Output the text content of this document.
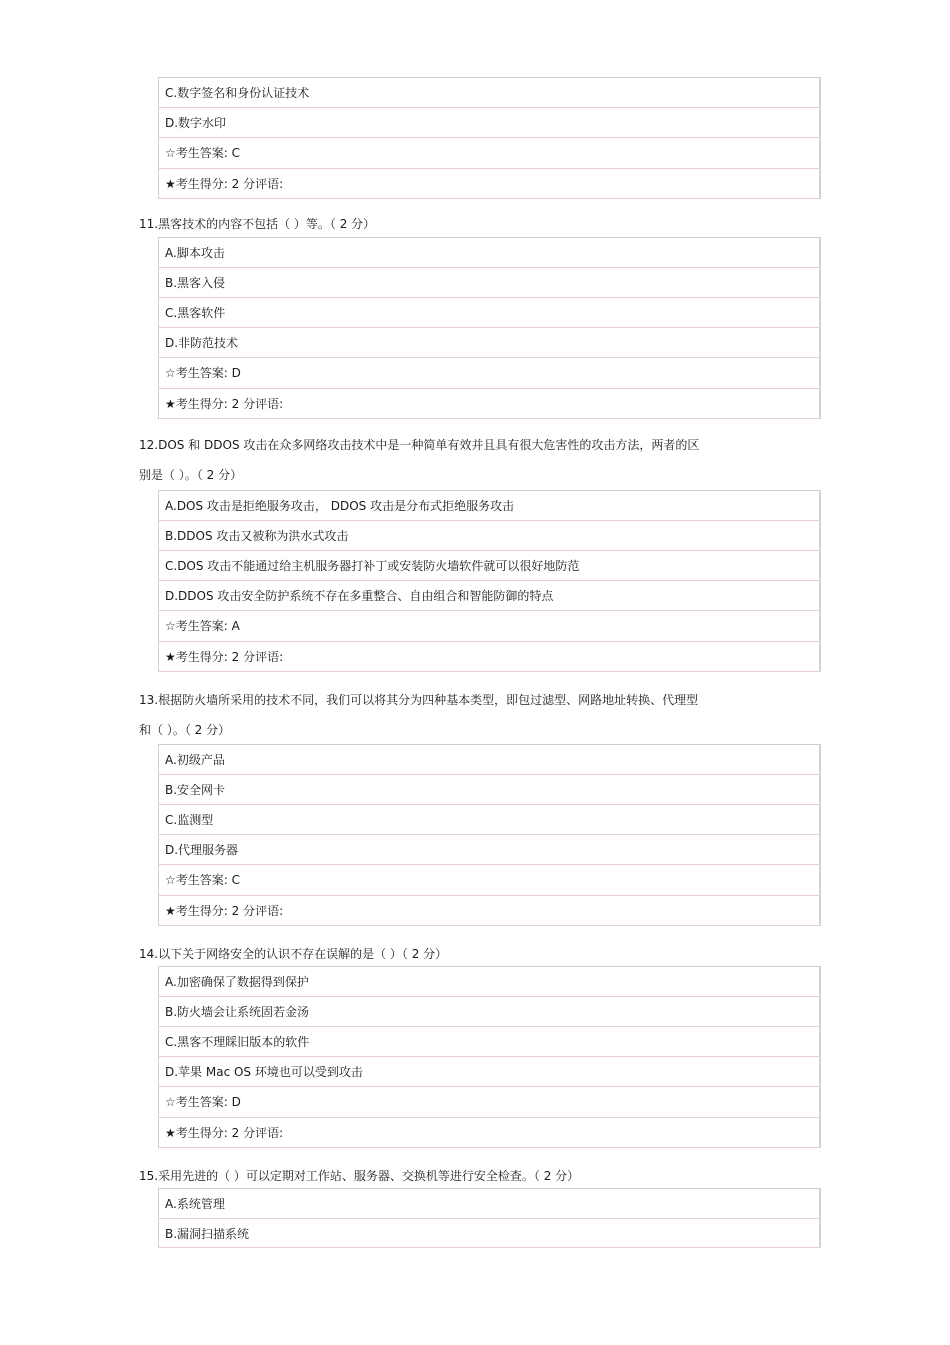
C.数字签名和身份认证技术
D.数字水印
☆考生答案: C
★考生得分: 2 分评语:
11.黑客技术的内容不包括（ ）等。（ 2 分）
A.脚本攻击
B.黑客入侵
C.黑客软件
D.非防范技术
☆考生答案: D
★考生得分: 2 分评语:
12.DOS 和 DDOS 攻击在众多网络攻击技术中是一种简单有效并且具有很大危害性的攻击方法，两者的区
别是（ ）。（ 2 分）
A.DOS 攻击是拒绝服务攻击， DDOS 攻击是分布式拒绝服务攻击
B.DDOS 攻击又被称为洪水式攻击
C.DOS 攻击不能通过给主机服务器打补丁或安装防火墙软件就可以很好地防范
D.DDOS 攻击安全防护系统不存在多重整合、自由组合和智能防御的特点
☆考生答案: A
★考生得分: 2 分评语:
13.根据防火墙所采用的技术不同，我们可以将其分为四种基本类型，即包过滤型、网路地址转换、代理型
和（ ）。（ 2 分）
A.初级产品
B.安全网卡
C.监测型
D.代理服务器
☆考生答案: C
★考生得分: 2 分评语:
14.以下关于网络安全的认识不存在误解的是（ ）（ 2 分）
A.加密确保了数据得到保护
B.防火墙会让系统固若金汤
C.黑客不理睬旧版本的软件
D.苹果 Mac OS 环境也可以受到攻击
☆考生答案: D
★考生得分: 2 分评语:
15.采用先进的（ ）可以定期对工作站、服务器、交换机等进行安全检查。（ 2 分）
A.系统管理
B.漏洞扫描系统
